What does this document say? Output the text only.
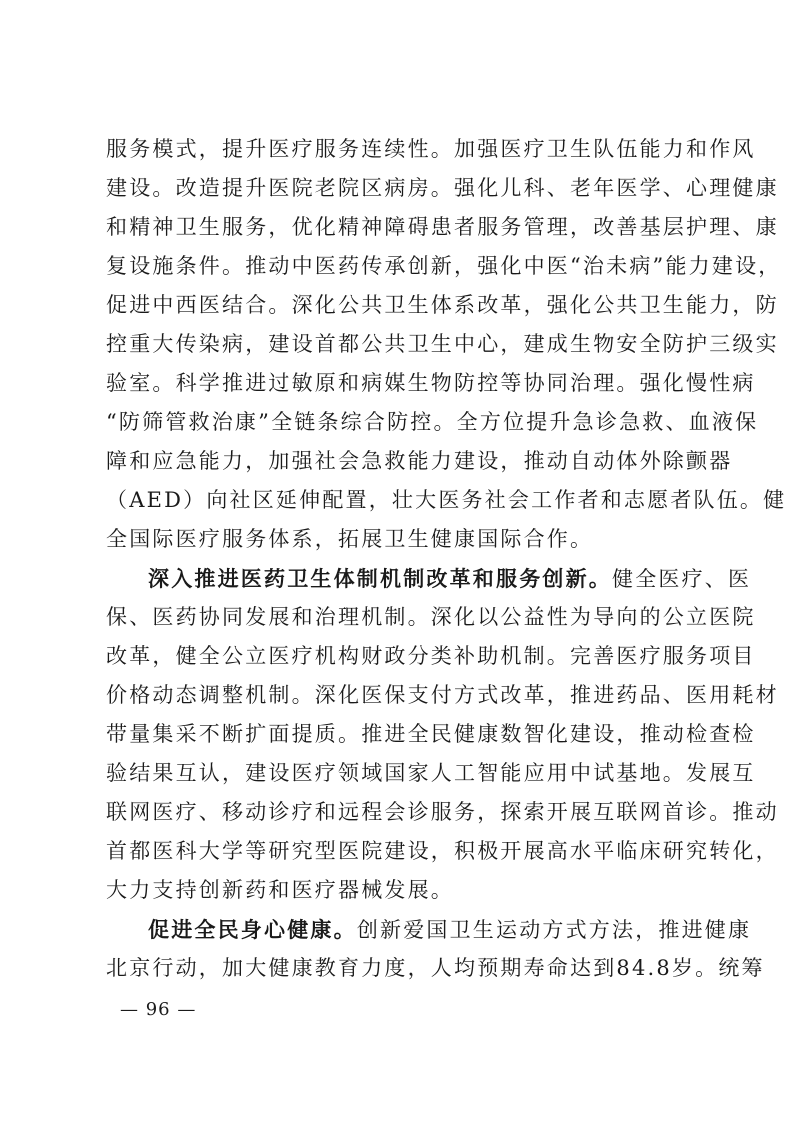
服务模式，提升医疗服务连续性。加强医疗卫生队伍能力和作风
建设。改造提升医院老院区病房。强化儿科、老年医学、心理健康
和精神卫生服务，优化精神障碍患者服务管理，改善基层护理、康
复设施条件。推动中医药传承创新，强化中医“治未病”能力建设，
促进中西医结合。深化公共卫生体系改革，强化公共卫生能力，防
控重大传染病，建设首都公共卫生中心，建成生物安全防护三级实
验室。科学推进过敏原和病媒生物防控等协同治理。强化慢性病
“防筛管救治康”全链条综合防控。全方位提升急诊急救、血液保
障和应急能力，加强社会急救能力建设，推动自动体外除颤器
（AED）向社区延伸配置，壮大医务社会工作者和志愿者队伍。健
全国际医疗服务体系，拓展卫生健康国际合作。
深入推进医药卫生体制机制改革和服务创新。健全医疗、医
保、医药协同发展和治理机制。深化以公益性为导向的公立医院
改革，健全公立医疗机构财政分类补助机制。完善医疗服务项目
价格动态调整机制。深化医保支付方式改革，推进药品、医用耗材
带量集采不断扩面提质。推进全民健康数智化建设，推动检查检
验结果互认，建设医疗领域国家人工智能应用中试基地。发展互
联网医疗、移动诊疗和远程会诊服务，探索开展互联网首诊。推动
首都医科大学等研究型医院建设，积极开展高水平临床研究转化，
大力支持创新药和医疗器械发展。
促进全民身心健康。创新爱国卫生运动方式方法，推进健康
北京行动，加大健康教育力度，人均预期寿命达到84.8岁。统筹
— 96 —
